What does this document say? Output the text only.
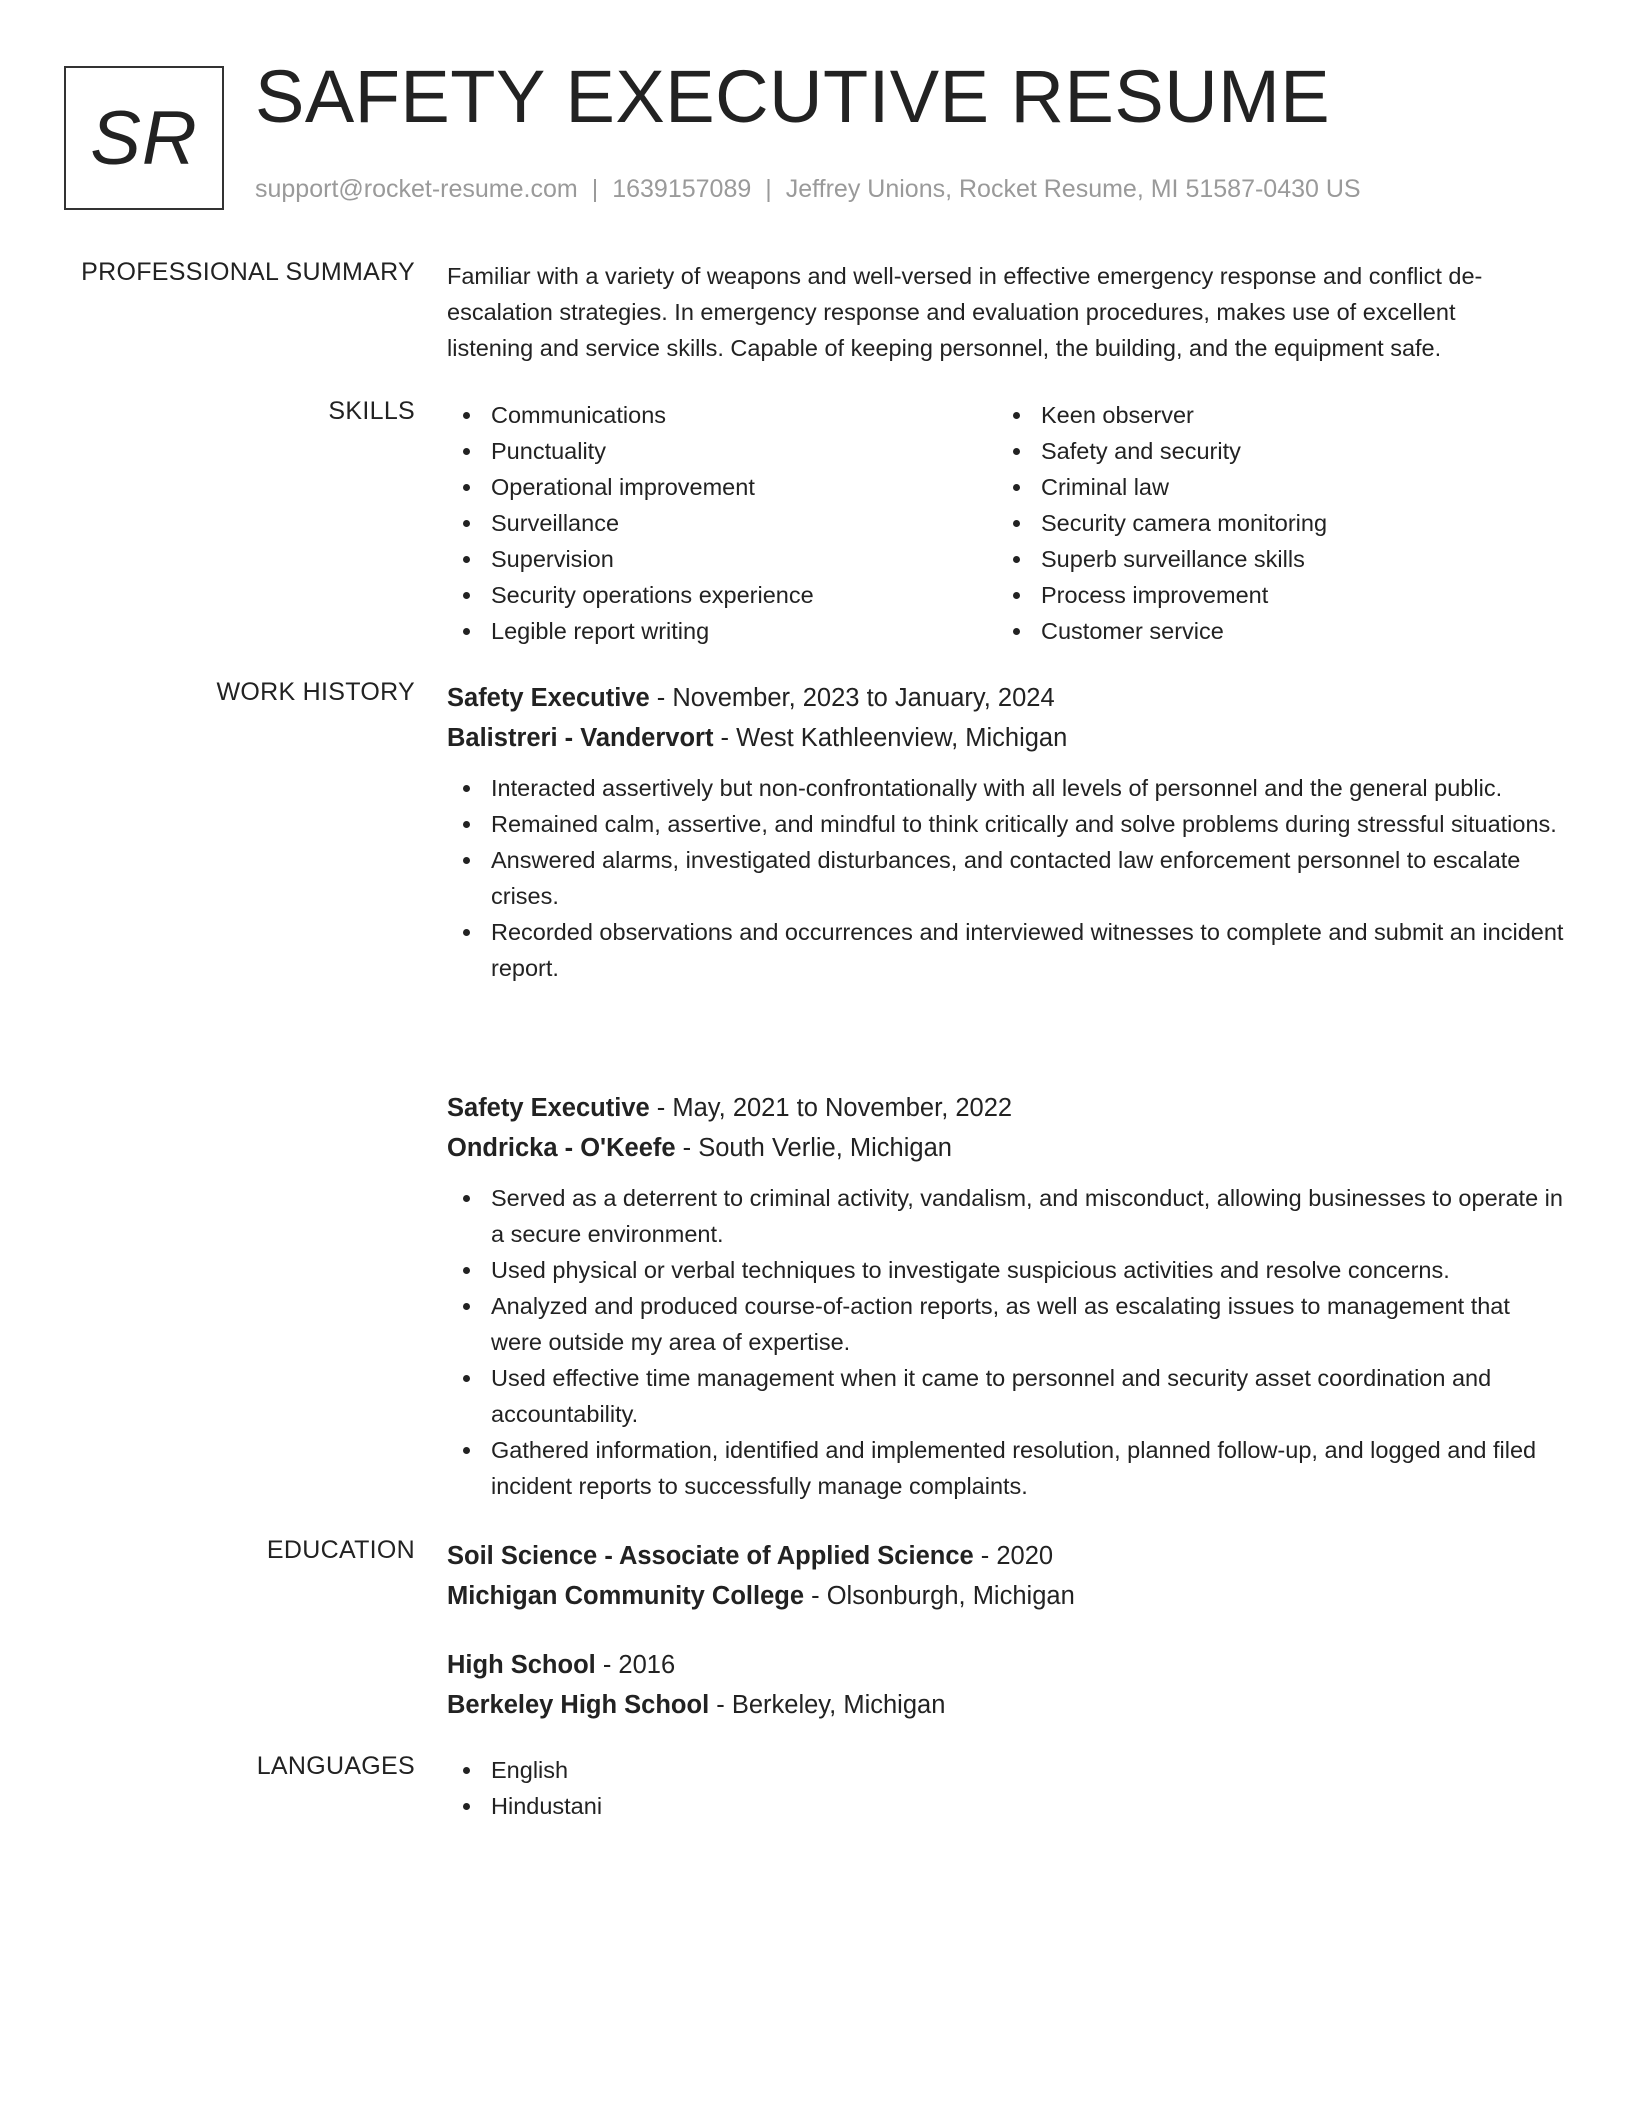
SR SAFETY EXECUTIVE RESUME
support@rocket-resume.com | 1639157089 | Jeffrey Unions, Rocket Resume, MI 51587-0430 US
PROFESSIONAL SUMMARY Familiar with a variety of weapons and well-versed in effective emergency response and conflict de-escalation strategies. In emergency response and evaluation procedures, makes use of excellent listening and service skills. Capable of keeping personnel, the building, and the equipment safe.
SKILLS	Communications
Punctuality
Operational improvement
Surveillance
Supervision
Security operations experience
Legible report writing
Keen observer
Safety and security
Criminal law
Security camera monitoring
Superb surveillance skills
Process improvement
Customer service
WORK HISTORY Safety Executive - November, 2023 to January, 2024
Balistreri - Vandervort - West Kathleenview, Michigan
Interacted assertively but non-confrontationally with all levels of personnel and the general public.
Remained calm, assertive, and mindful to think critically and solve problems during stressful situations.
Answered alarms, investigated disturbances, and contacted law enforcement personnel to escalate crises.
Recorded observations and occurrences and interviewed witnesses to complete and submit an incident report.
Safety Executive - May, 2021 to November, 2022
Ondricka - O'Keefe - South Verlie, Michigan
Served as a deterrent to criminal activity, vandalism, and misconduct, allowing businesses to operate in a secure environment.
Used physical or verbal techniques to investigate suspicious activities and resolve concerns.
Analyzed and produced course-of-action reports, as well as escalating issues to management that were outside my area of expertise.
Used effective time management when it came to personnel and security asset coordination and accountability.
Gathered information, identified and implemented resolution, planned follow-up, and logged and filed incident reports to successfully manage complaints.
EDUCATION Soil Science - Associate of Applied Science - 2020
Michigan Community College - Olsonburgh, Michigan
High School - 2016
Berkeley High School - Berkeley, Michigan
LANGUAGES	English
Hindustani
